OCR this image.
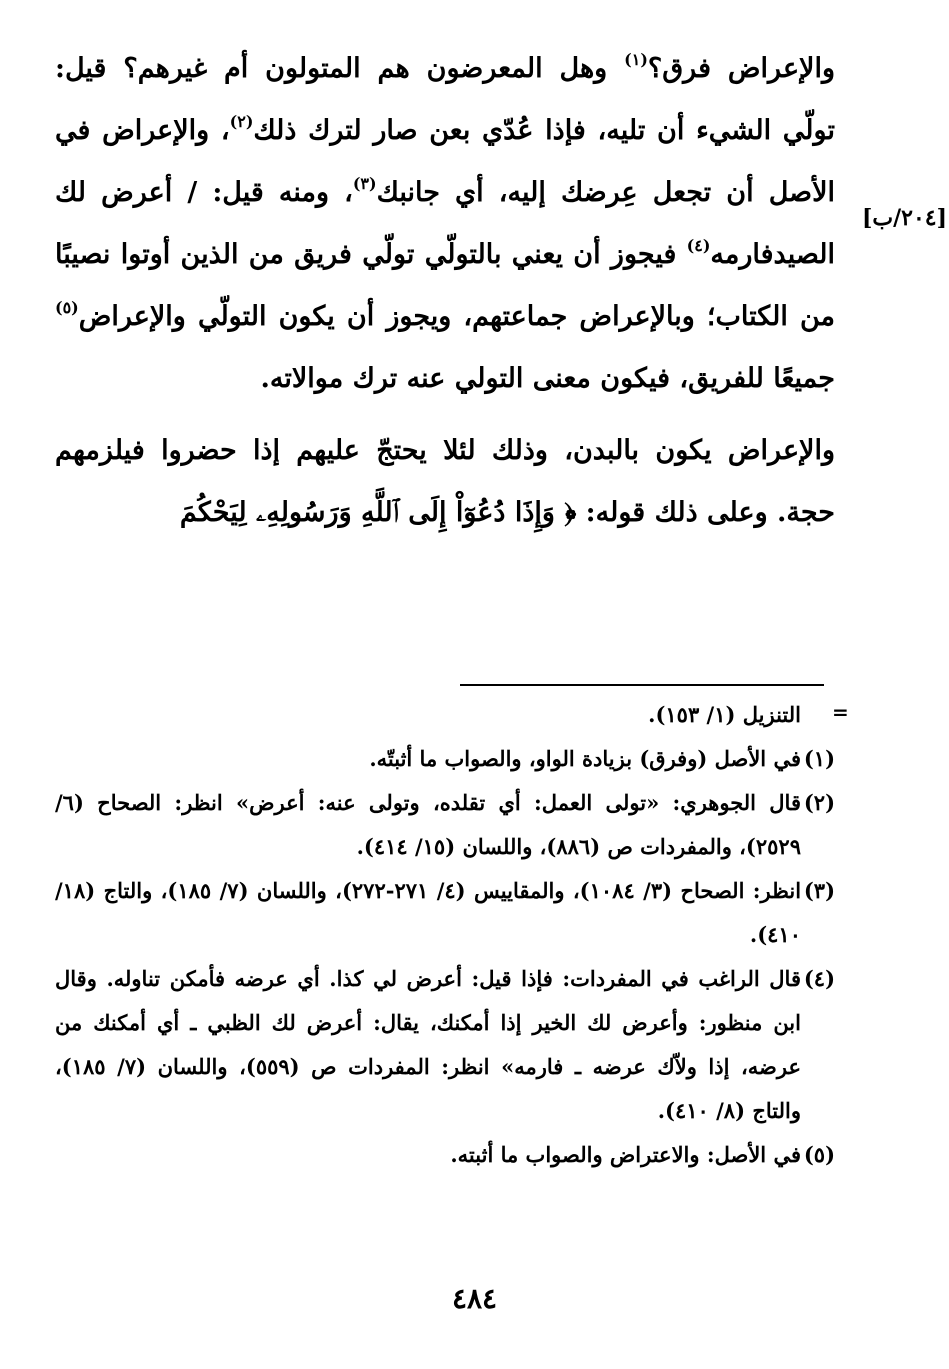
والإعراض فرق؟$^{(١)}$ وهل المعرضون هم المتولون أم غيرهم؟ قيل: تولّي الشيء أن تليه، فإذا عُدّي بعن صار لترك ذلك$^{(٢)}$، والإعراض في الأصل أن تجعل عِرضك إليه، أي جانبك$^{(٣)}$، ومنه قيل: / أعرض لك الصيدفارمه$^{(٤)}$ فيجوز أن يعني بالتولّي تولّي فريق من الذين أوتوا نصيبًا من الكتاب؛ وبالإعراض جماعتهم، ويجوز أن يكون التولّي والإعراض$^{(٥)}$ جميعًا للفريق، فيكون معنى التولي عنه ترك موالاته.

والإعراض يكون بالبدن، وذلك لئلا يحتجّ عليهم إذا حضروا فيلزمهم حجة. وعلى ذلك قوله: ﴿ وَإِذَا دُعُوٓاْ إِلَى ٱللَّهِ وَرَسُولِهِۦ لِيَحْكُمَ

[٢٠٤/ب]
=
التنزيل (١/ ١٥٣).
(١)
في الأصل (وفرق) بزيادة الواو، والصواب ما أثبتّه.
(٢)
قال الجوهري: «تولى العمل: أي تقلده، وتولى عنه: أعرض» انظر: الصحاح (٦/ ٢٥٢٩)، والمفردات ص (٨٨٦)، واللسان (١٥/ ٤١٤).
(٣)
انظر: الصحاح (٣/ ١٠٨٤)، والمقاييس (٤/ ٢٧١-٢٧٢)، واللسان (٧/ ١٨٥)، والتاج (١٨/ ٤١٠).
(٤)
قال الراغب في المفردات: فإذا قيل: أعرض لي كذا. أي عرضه فأمكن تناوله. وقال ابن منظور: وأعرض لك الخير إذا أمكنك، يقال: أعرض لك الظبي ـ أي أمكنك من عرضه، إذا ولاّك عرضه ـ فارمه» انظر: المفردات ص (٥٥٩)، واللسان (٧/ ١٨٥)، والتاج (٨/ ٤١٠).
(٥)
في الأصل: والاعتراض والصواب ما أثبته.
٤٨٤
